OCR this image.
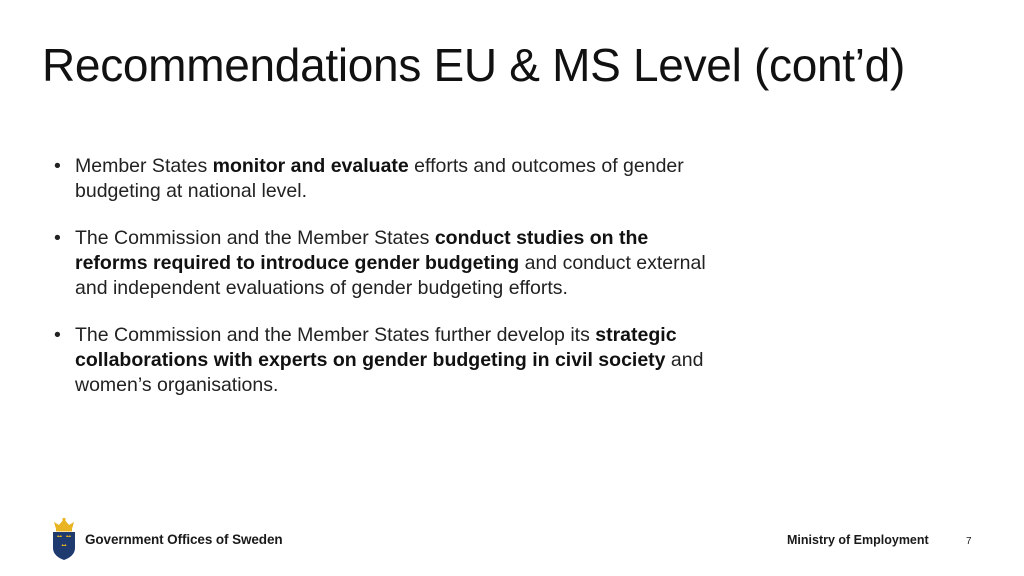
Recommendations EU & MS Level (cont’d)
• Member States monitor and evaluate efforts and outcomes of gender budgeting at national level.
• The Commission and the Member States conduct studies on the reforms required to introduce gender budgeting and conduct external and independent evaluations of gender budgeting efforts.
• The Commission and the Member States further develop its strategic collaborations with experts on gender budgeting in civil society and women’s organisations.
Government Offices of Sweden	Ministry of Employment	7
